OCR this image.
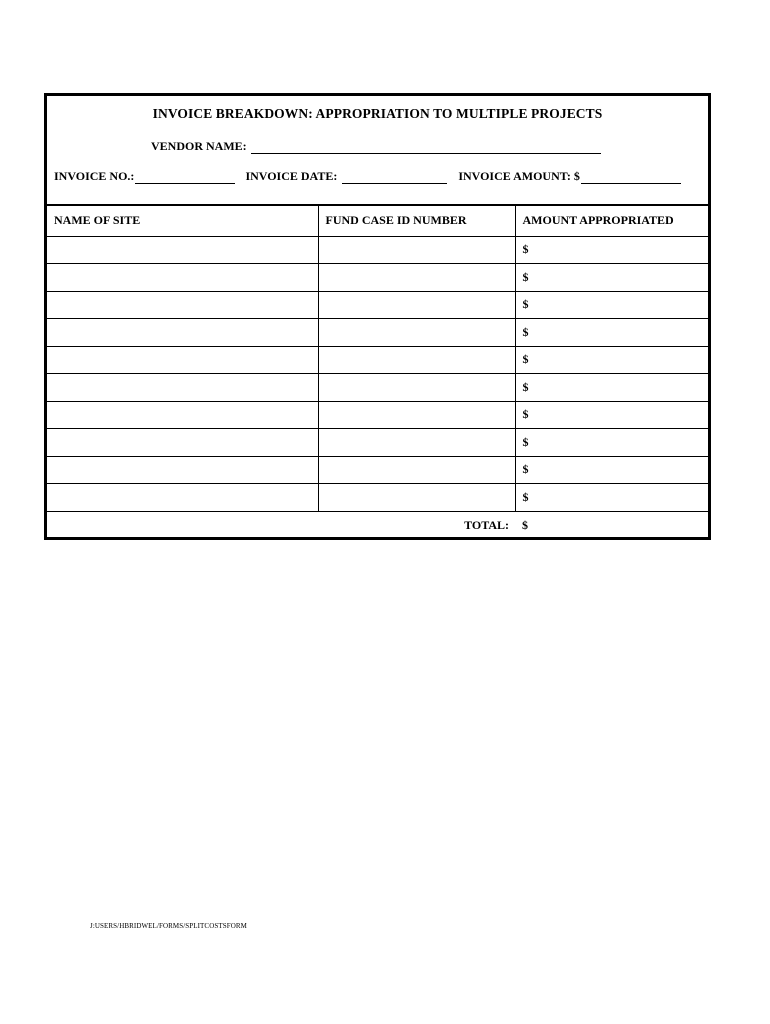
INVOICE BREAKDOWN: APPROPRIATION TO MULTIPLE PROJECTS
VENDOR NAME:
INVOICE NO.:	INVOICE DATE:	INVOICE AMOUNT: $
NAME OF SITE	FUND CASE ID NUMBER	AMOUNT APPROPRIATED
		$
		$
		$
		$
		$
		$
		$
		$
		$
		$
TOTAL:		$
J:USERS/HBRIDWEL/FORMS/SPLITCOSTSFORM
